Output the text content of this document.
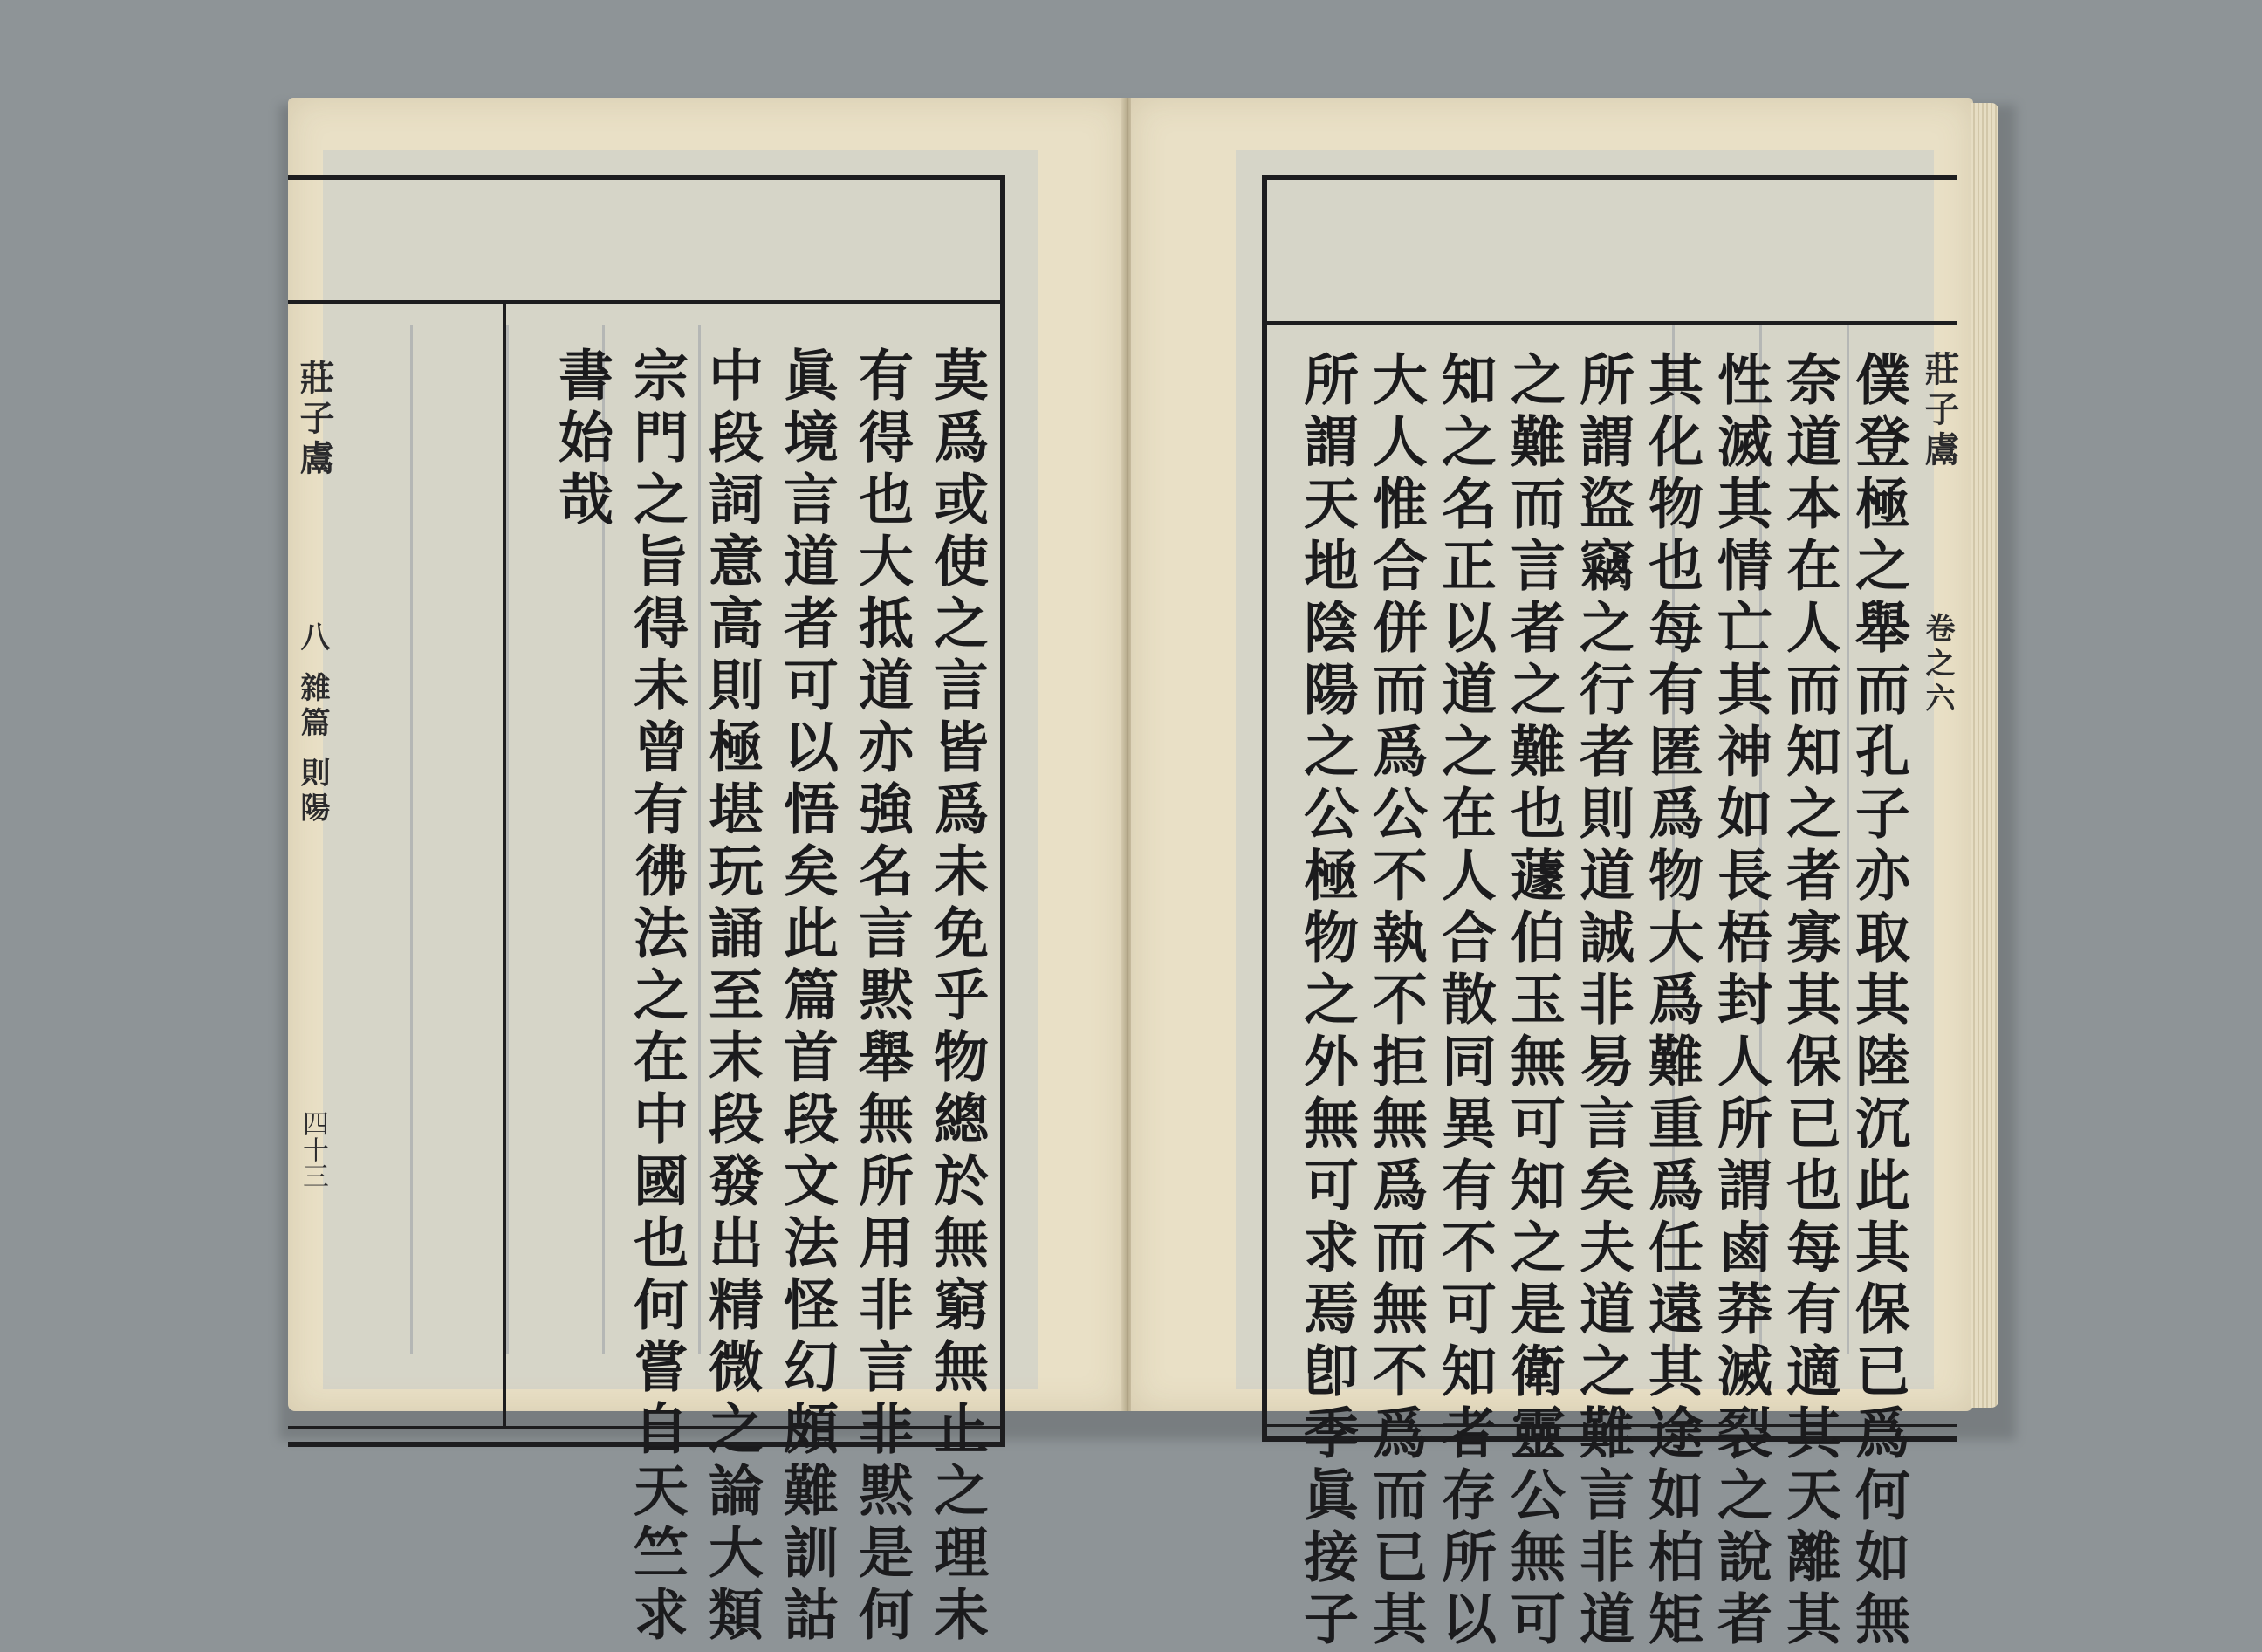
莊子鬳
八 雜篇 則陽
四十三	莫爲或使之言皆爲未免乎物總於無窮無止之理未
有得也大抵道亦強名言黙舉無所用非言非黙是何
眞境言道者可以悟矣此篇首段文法怪幻頗難訓詁
中段詞意高則極堪玩誦至末段發出精微之論大類
宗門之旨得未曾有彿法之在中國也何嘗自天竺求
書始哉	莊子鬳
卷之六
僕登極之舉而孔子亦取其陸沉此其保已爲何如無
奈道本在人而知之者寡其保已也每有適其天離其
性滅其情亡其神如長梧封人所謂鹵莽滅裂之說者
其化物也每有匿爲物大爲難重爲任遠其途如柏矩
所謂盜竊之行者則道誠非易言矣夫道之難言非道
之難而言者之難也蘧伯玉無可知之是衛靈公無可
知之名正以道之在人合散同異有不可知者存所以
大人惟合併而爲公不執不拒無爲而無不爲而已其
所謂天地陰陽之公極物之外無可求焉卽季眞接子
